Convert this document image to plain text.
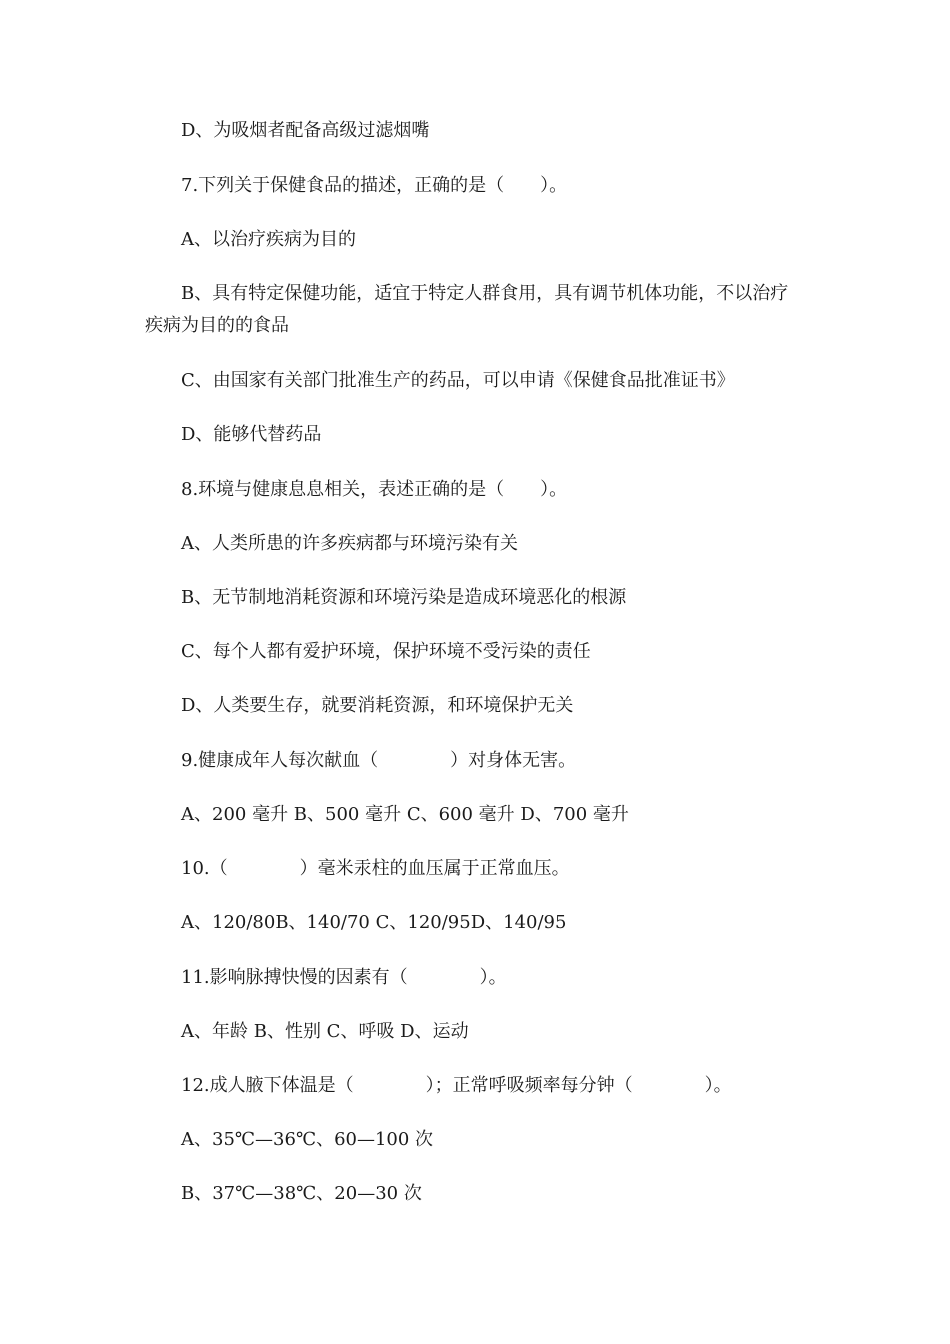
D、为吸烟者配备高级过滤烟嘴
7.下列关于保健食品的描述，正确的是（　　）。
A、以治疗疾病为目的
B、具有特定保健功能，适宜于特定人群食用，具有调节机体功能，不以治疗疾病为目的的食品
C、由国家有关部门批准生产的药品，可以申请《保健食品批准证书》
D、能够代替药品
8.环境与健康息息相关，表述正确的是（　　）。
A、人类所患的许多疾病都与环境污染有关
B、无节制地消耗资源和环境污染是造成环境恶化的根源
C、每个人都有爱护环境，保护环境不受污染的责任
D、人类要生存，就要消耗资源，和环境保护无关
9.健康成年人每次献血（　　　　）对身体无害。
A、200 毫升 B、500 毫升 C、600 毫升 D、700 毫升
10.（　　　　）毫米汞柱的血压属于正常血压。
A、120/80B、140/70 C、120/95D、140/95
11.影响脉搏快慢的因素有（　　　　）。
A、年龄 B、性别 C、呼吸 D、运动
12.成人腋下体温是（　　　　）；正常呼吸频率每分钟（　　　　）。
A、35℃—36℃、60—100 次
B、37℃—38℃、20—30 次
